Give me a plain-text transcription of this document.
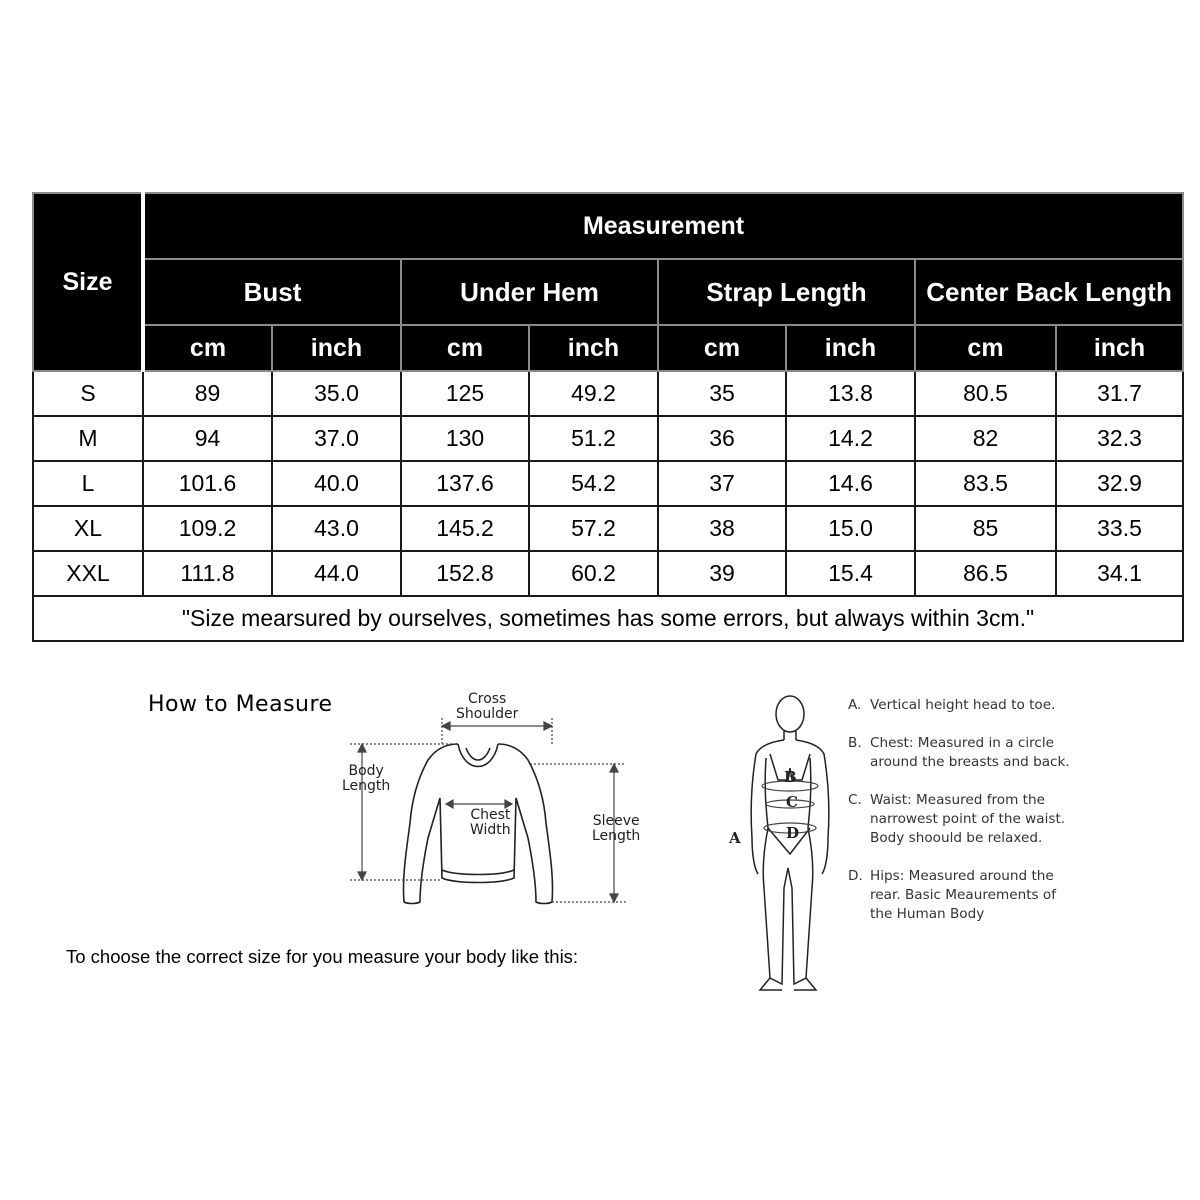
Size	Measurement							
	Bust		Under Hem		Strap Length		Center Back Length	
	cm	inch	cm	inch	cm	inch	cm	inch
S	89	35.0	125	49.2	35	13.8	80.5	31.7
M	94	37.0	130	51.2	36	14.2	82	32.3
L	101.6	40.0	137.6	54.2	37	14.6	83.5	32.9
XL	109.2	43.0	145.2	57.2	38	15.0	85	33.5
XXL	111.8	44.0	152.8	60.2	39	15.4	86.5	34.1
"Size mearsured by ourselves, sometimes has some errors, but always within 3cm."								
How to Measure
To choose the correct size for you measure your body like this:
Cross
Shoulder
Body
Length
Chest
Width
Sleeve
Length
B
C
D
A
A. Vertical height head to toe.
B. Chest: Measured in a circle around the breasts and back.
C. Waist: Measured from the narrowest point of the waist. Body shoould be relaxed.
D. Hips: Measured around the rear. Basic Meaurements of the Human Body
